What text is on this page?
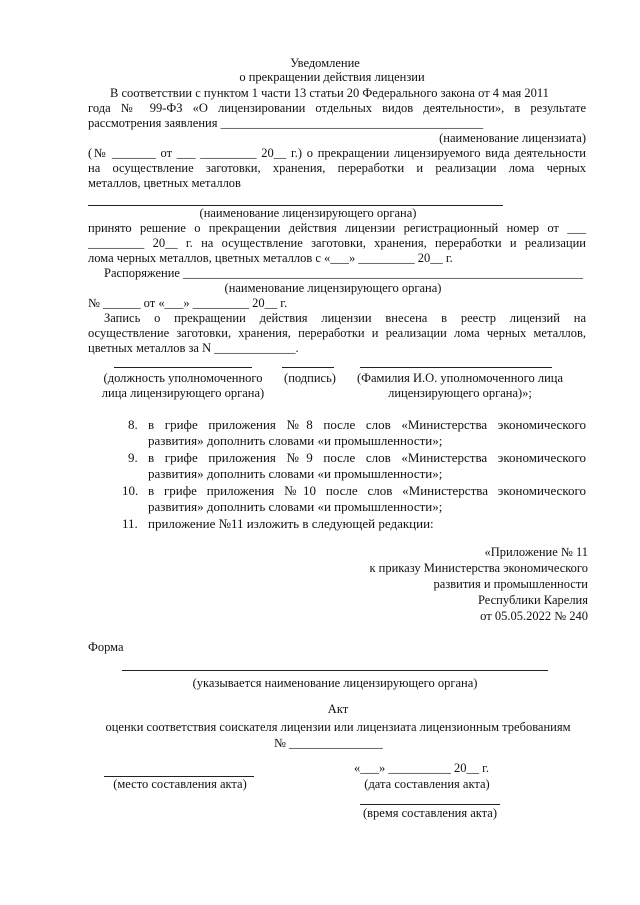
Уведомление
о прекращении действия лицензии
В соответствии с пунктом 1 части 13 статьи 20 Федерального закона от 4 мая 2011
года № 99-ФЗ «О лицензировании отдельных видов деятельности», в результате
рассмотрения заявления __________________________________________
(наименование лицензиата)
(№ _______ от ___ _________ 20__ г.) о прекращении лицензируемого вида деятельности
на осуществление заготовки, хранения, переработки и реализации лома черных
металлов, цветных металлов
(наименование лицензирующего органа)
принято решение о прекращении действия лицензии регистрационный номер от ___
_________ 20__ г. на осуществление заготовки, хранения, переработки и реализации
лома черных металлов, цветных металлов с «___» _________ 20__ г.
Распоряжение ________________________________________________________________
(наименование лицензирующего органа)
№ ______ от «___» _________ 20__ г.
Запись о прекращении действия лицензии внесена в реестр лицензий на
осуществление заготовки, хранения, переработки и реализации лома черных металлов,
цветных металлов за N _____________.
(должность уполномоченного
лица лицензирующего органа)
(подпись)	(Фамилия И.О. уполномоченного лица
лицензирующего органа)»;
8. в грифе приложения №8 после слов «Министерства экономического
развития» дополнить словами «и промышленности»;
9. в грифе приложения №9 после слов «Министерства экономического
развития» дополнить словами «и промышленности»;
10. в грифе приложения №10 после слов «Министерства экономического
развития» дополнить словами «и промышленности»;
11. приложение №11 изложить в следующей редакции:
«Приложение № 11
к приказу Министерства экономического
развития и промышленности
Республики Карелия
от 05.05.2022 № 240
Форма
(указывается наименование лицензирующего органа)
Акт
оценки соответствия соискателя лицензии или лицензиата лицензионным требованиям
№ _______________
(место составления акта)
«___» __________ 20__ г.
(дата составления акта)
(время составления акта)
